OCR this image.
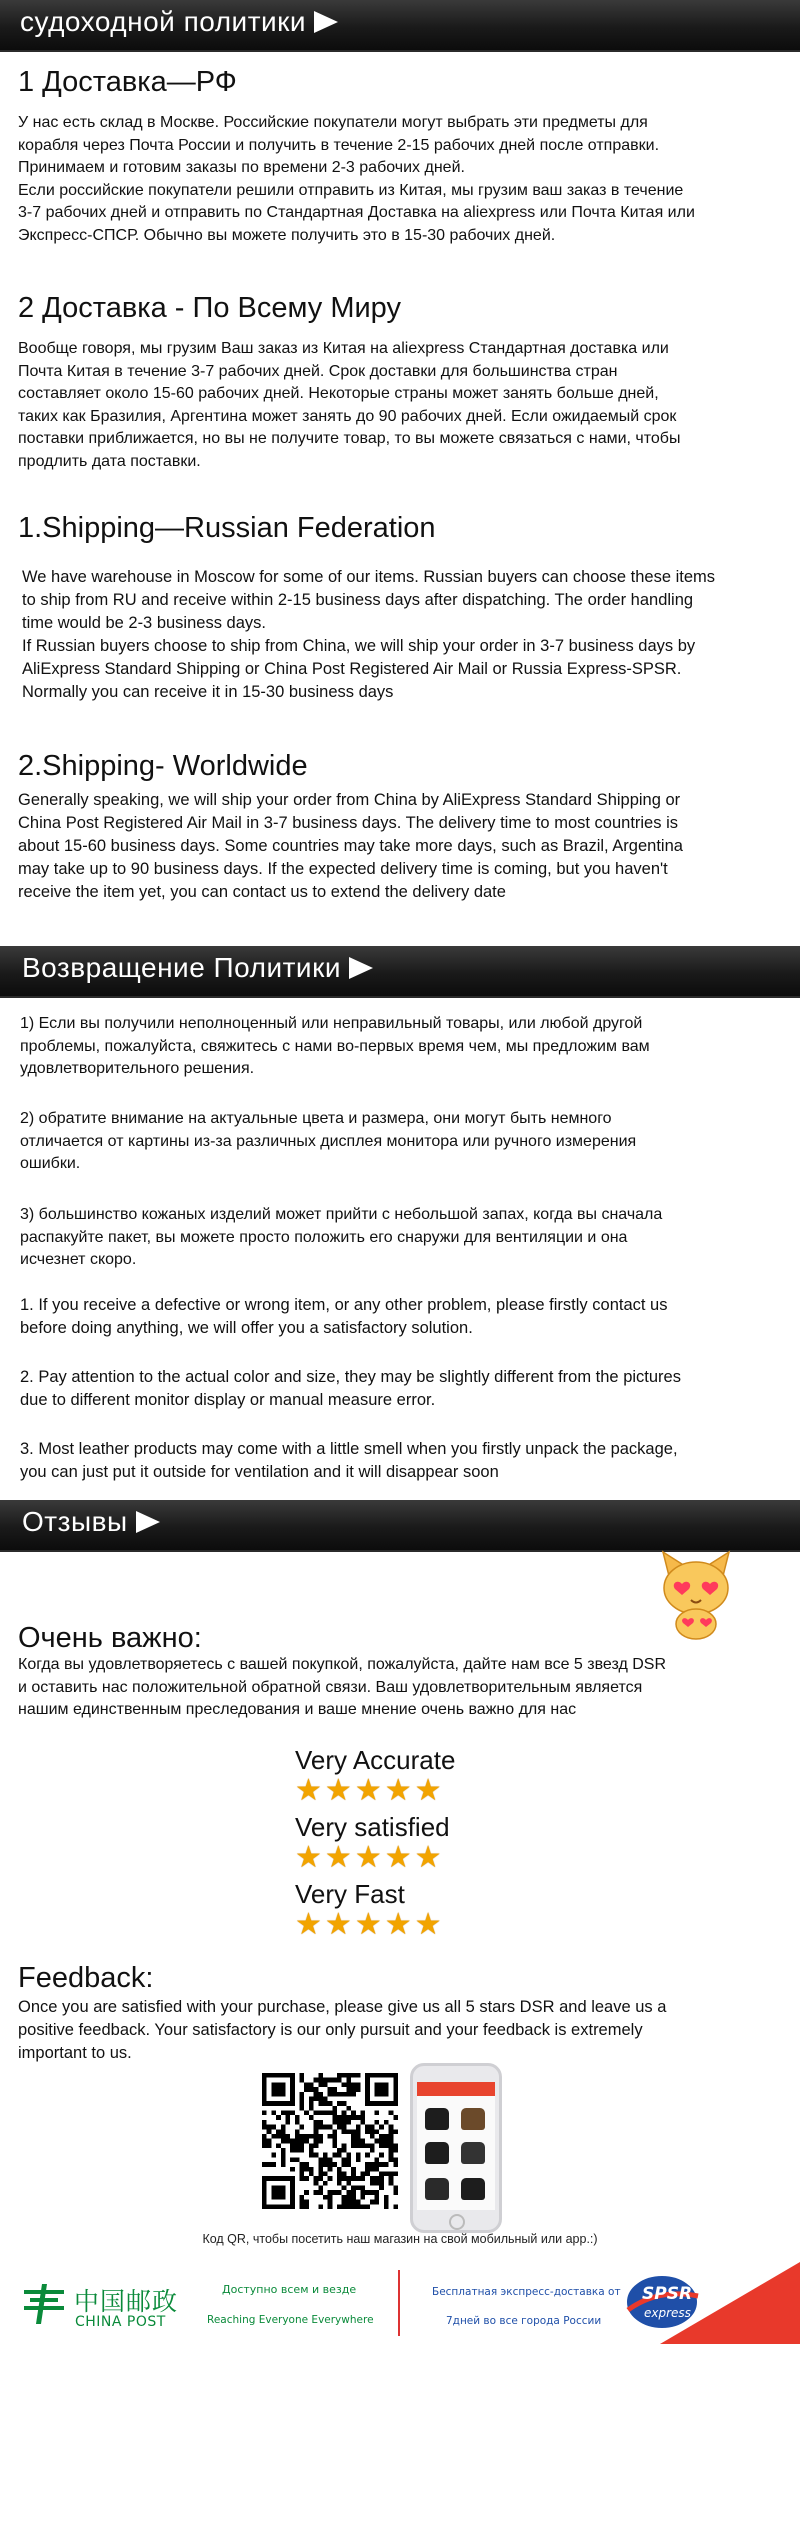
судоходной политики
1 Доставка—РФ
У нас есть склад в Москве. Российские покупатели могут выбрать эти предметы для
корабля через Почта России и получить в течение 2-15 рабочих дней после отправки.
Принимаем и готовим заказы по времени 2-3 рабочих дней.
Если российские покупатели решили отправить из Китая, мы грузим ваш заказ в течение
3-7 рабочих дней и отправить по Стандартная Доставка на aliexpress или Почта Китая или
Экспресс-СПСР. Обычно вы можете получить это в 15-30 рабочих дней.
2 Доставка - По Всему Миру
Вообще говоря, мы грузим Ваш заказ из Китая на aliexpress Стандартная доставка или
Почта Китая в течение 3-7 рабочих дней. Срок доставки для большинства стран
составляет около 15-60 рабочих дней. Некоторые страны может занять больше дней,
таких как Бразилия, Аргентина может занять до 90 рабочих дней. Если ожидаемый срок
поставки приближается, но вы не получите товар, то вы можете связаться с нами, чтобы
продлить дата поставки.
1.Shipping—Russian Federation
We have warehouse in Moscow for some of our items. Russian buyers can choose these items
to ship from RU and receive within 2-15 business days after dispatching. The order handling
time would be 2-3 business days.
If Russian buyers choose to ship from China, we will ship your order in 3-7 business days by
AliExpress Standard Shipping or China Post Registered Air Mail or Russia Express-SPSR.
Normally you can receive it in 15-30 business days
2.Shipping- Worldwide
Generally speaking, we will ship your order from China by AliExpress Standard Shipping or
China Post Registered Air Mail in 3-7 business days. The delivery time to most countries is
about 15-60 business days. Some countries may take more days, such as Brazil, Argentina
may take up to 90 business days. If the expected delivery time is coming, but you haven't
receive the item yet, you can contact us to extend the delivery date
Возвращение Политики
1) Если вы получили неполноценный или неправильный товары, или любой другой
проблемы, пожалуйста, свяжитесь с нами во-первых время чем, мы предложим вам
удовлетворительного решения.
2) обратите внимание на актуальные цвета и размера, они могут быть немного
отличается от картины из-за различных дисплея монитора или ручного измерения
ошибки.
3) большинство кожаных изделий может прийти с небольшой запах, когда вы сначала
распакуйте пакет, вы можете просто положить его снаружи для вентиляции и она
исчезнет скоро.
1. If you receive a defective or wrong item, or any other problem, please firstly contact us
before doing anything, we will offer you a satisfactory solution.
2. Pay attention to the actual color and size, they may be slightly different from the pictures
due to different monitor display or manual measure error.
3. Most leather products may come with a little smell when you firstly unpack the package,
you can just put it outside for ventilation and it will disappear soon
Отзывы
Очень важно:
Когда вы удовлетворяетесь с вашей покупкой, пожалуйста, дайте нам все 5 звезд DSR
и оставить нас положительной обратной связи. Ваш удовлетворительным является
нашим единственным преследования и ваше мнение очень важно для нас
Very Accurate
★ ★ ★ ★ ★
Very satisfied
★ ★ ★ ★ ★
Very Fast
★ ★ ★ ★ ★
Feedback:
Once you are satisfied with your purchase, please give us all 5 stars DSR and leave us a
positive feedback. Your satisfactory is our only pursuit and your feedback is extremely
important to us.
Код QR, чтобы посетить наш магазин на свой мобильный или app.:)
中国邮政
CHINA POST
Доступно всем и везде
Reaching Everyone Everywhere
Бесплатная экспресс-доставка от
7дней во все города России
SPSR
express
